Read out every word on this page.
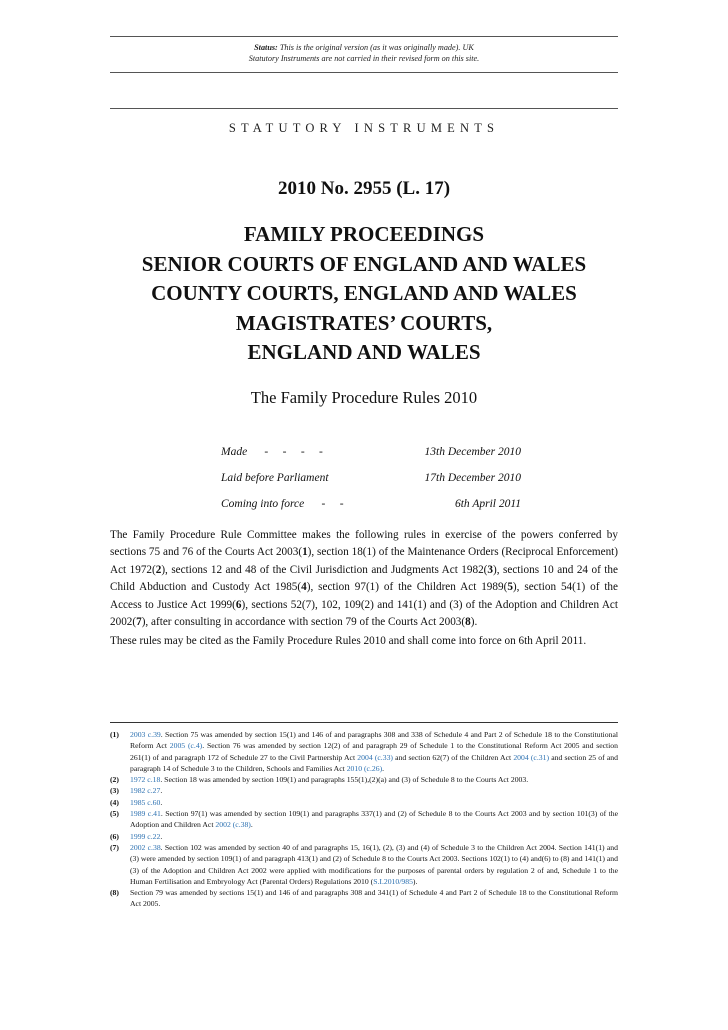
Status: This is the original version (as it was originally made). UK
Statutory Instruments are not carried in their revised form on this site.
STATUTORY INSTRUMENTS
2010 No. 2955 (L. 17)
FAMILY PROCEEDINGS
SENIOR COURTS OF ENGLAND AND WALES
COUNTY COURTS, ENGLAND AND WALES
MAGISTRATES’ COURTS,
ENGLAND AND WALES
The Family Procedure Rules 2010
Made      -     -     -     -	13th December 2010
Laid before Parliament	17th December 2010
Coming into force      -     -	6th April 2011

The Family Procedure Rule Committee makes the following rules in exercise of the powers conferred by sections 75 and 76 of the Courts Act 2003(1), section 18(1) of the Maintenance Orders (Reciprocal Enforcement) Act 1972(2), sections 12 and 48 of the Civil Jurisdiction and Judgments Act 1982(3), sections 10 and 24 of the Child Abduction and Custody Act 1985(4), section 97(1) of the Children Act 1989(5), section 54(1) of the Access to Justice Act 1999(6), sections 52(7), 102, 109(2) and 141(1) and (3) of the Adoption and Children Act 2002(7), after consulting in accordance with section 79 of the Courts Act 2003(8).

These rules may be cited as the Family Procedure Rules 2010 and shall come into force on 6th April 2011.

(1) 2003 c.39. Section 75 was amended by section 15(1) and 146 of and paragraphs 308 and 338 of Schedule 4 and Part 2 of Schedule 18 to the Constitutional Reform Act 2005 (c.4). Section 76 was amended by section 12(2) of and paragraph 29 of Schedule 1 to the Constitutional Reform Act 2005 and section 261(1) of and paragraph 172 of Schedule 27 to the Civil Partnership Act 2004 (c.33) and section 62(7) of the Children Act 2004 (c.31) and section 25 of and paragraph 14 of Schedule 3 to the Children, Schools and Families Act 2010 (c.26).
(2) 1972 c.18. Section 18 was amended by section 109(1) and paragraphs 155(1),(2)(a) and (3) of Schedule 8 to the Courts Act 2003.
(3) 1982 c.27.
(4) 1985 c.60.
(5) 1989 c.41. Section 97(1) was amended by section 109(1) and paragraphs 337(1) and (2) of Schedule 8 to the Courts Act 2003 and by section 101(3) of the Adoption and Children Act 2002 (c.38).
(6) 1999 c.22.
(7) 2002 c.38. Section 102 was amended by section 40 of and paragraphs 15, 16(1), (2), (3) and (4) of Schedule 3 to the Children Act 2004. Section 141(1) and (3) were amended by section 109(1) of and paragraph 413(1) and (2) of Schedule 8 to the Courts Act 2003. Sections 102(1) to (4) and(6) to (8) and 141(1) and (3) of the Adoption and Children Act 2002 were applied with modifications for the purposes of parental orders by regulation 2 of and, Schedule 1 to the Human Fertilisation and Embryology Act (Parental Orders) Regulations 2010 (S.I.2010/985).
(8) Section 79 was amended by sections 15(1) and 146 of and paragraphs 308 and 341(1) of Schedule 4 and Part 2 of Schedule 18 to the Constitutional Reform Act 2005.
